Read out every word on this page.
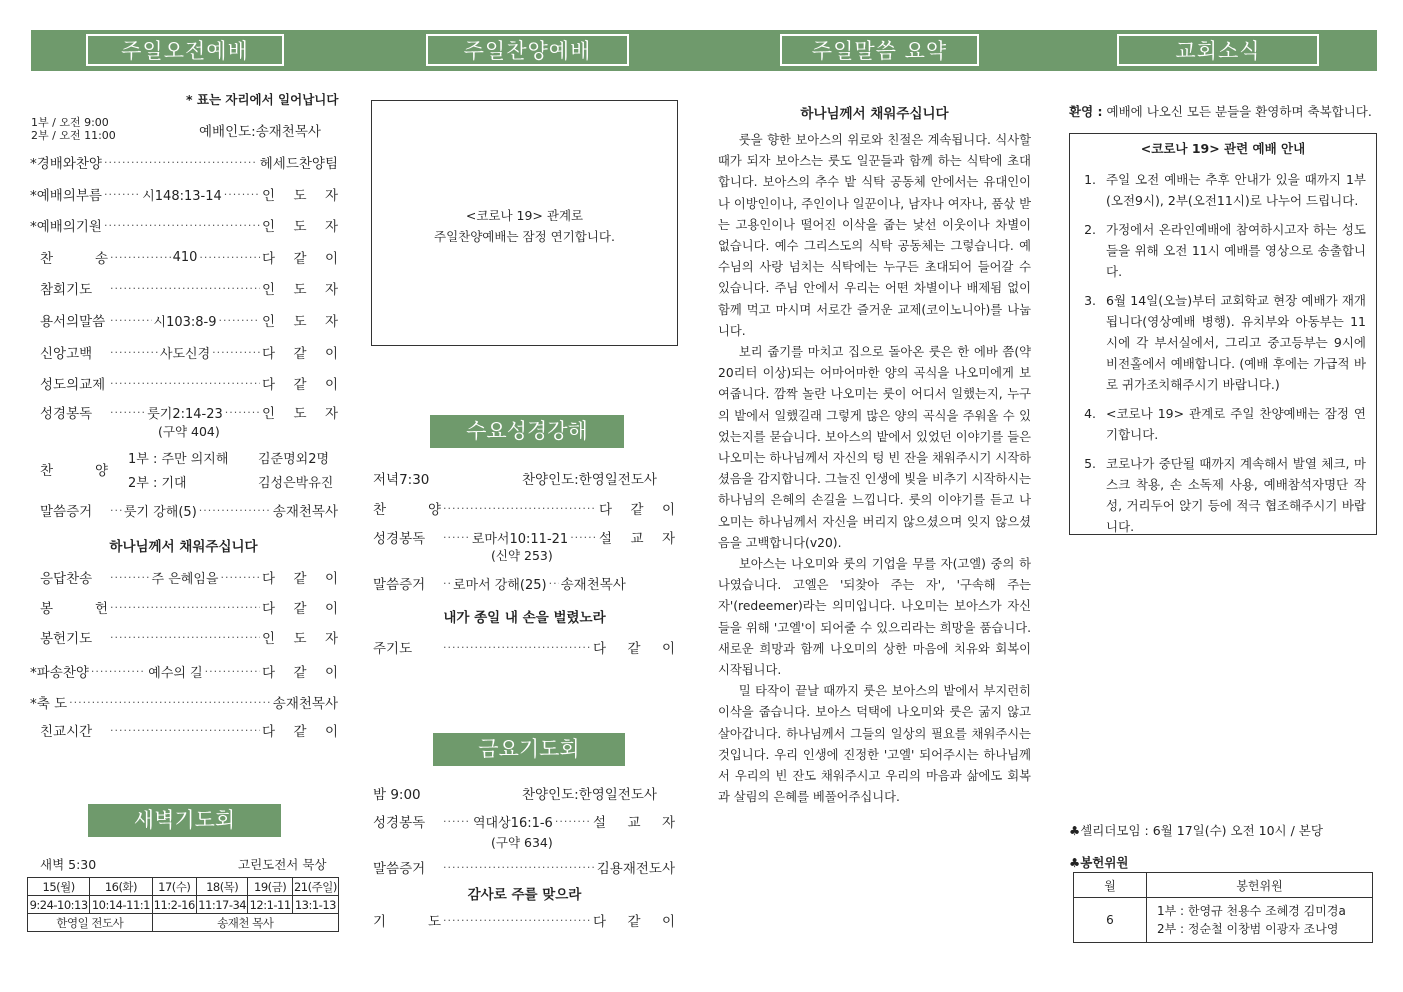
주일오전예배	주일찬양예배	주일말씀 요약	교회소식
* 표는 자리에서 일어납니다
1부 / 오전 9:00
2부 / 오전 11:00	예배인도:송재천목사
*경배와찬양 ·····	헤세드찬양팀
*예배의부름 ·····	시148:13-14 ·····	인 도 자
*예배의기원 ·····	인 도 자
찬 송 ·····	410 ·····	다 같 이
참회기도 ·····	인 도 자
용서의말씀 ·····	시103:8-9 ·····	인 도 자
신앙고백 ·····	사도신경 ·····	다 같 이
성도의교제 ·····	다 같 이
성경봉독 ·····	룻기2:14-23 ·····	인 도 자
(구약 404)
찬 양
1부 : 주만 의지해 김준명외2명
2부 : 기대	김성은박유진
말씀증거 ·····	룻기 강해(5) ·····	송재천목사
하나님께서 채워주십니다
응답찬송 ·····	주 은혜임을 ·····	다 같 이
봉 헌 ·····	다 같 이
봉헌기도 ·····	인 도 자
*파송찬양 ·····	예수의 길 ·····	다 같 이
*축 도 ·····	송재천목사
친교시간 ·····	다 같 이
새벽기도회
새벽 5:30	고린도전서 묵상
15(월)	16(화)	17(수)	18(목)	19(금)	21(주일)
9:24-10:13	10:14-11:1	11:2-16	11:17-34	12:1-11	13:1-13
한영일 전도사		송재천 목사			
<코로나 19> 관계로
주일찬양예배는 잠정 연기합니다.
수요성경강해
저녁7:30	찬양인도:한영일전도사
찬 양 ·····	다 같 이
성경봉독 ·····	로마서10:11-21 ····· 설 교 자
(신약 253)
말씀증거 ·····	로마서 강해(25) ····· 송재천목사
내가 종일 내 손을 벌렸노라
주기도 ·····	다 같 이
금요기도회
밤 9:00	찬양인도:한영일전도사
성경봉독 ·····	역대상16:1-6 ·····	설 교 자
(구약 634)
말씀증거 ·····	김용재전도사
감사로 주를 맞으라
기 도 ·····	다 같 이
하나님께서 채워주십니다

룻을 향한 보아스의 위로와 친절은 계속됩니다. 식사할 때가 되자 보아스는 룻도 일꾼들과 함께 하는 식탁에 초대합니다. 보아스의 추수 밭 식탁 공동체 안에서는 유대인이나 이방인이나, 주인이나 일꾼이나, 남자나 여자나, 품삯 받는 고용인이나 떨어진 이삭을 줍는 낯선 이웃이나 차별이 없습니다. 예수 그리스도의 식탁 공동체는 그렇습니다. 예수님의 사랑 넘치는 식탁에는 누구든 초대되어 들어갈 수 있습니다. 주님 안에서 우리는 어떤 차별이나 배제됨 없이 함께 먹고 마시며 서로간 즐거운 교제(코이노니아)를 나눕니다.

보리 줍기를 마치고 집으로 돌아온 룻은 한 에바 쯤(약 20리터 이상)되는 어마어마한 양의 곡식을 나오미에게 보여줍니다. 깜짝 놀란 나오미는 룻이 어디서 일했는지, 누구의 밭에서 일했길래 그렇게 많은 양의 곡식을 주워올 수 있었는지를 묻습니다. 보아스의 밭에서 있었던 이야기를 들은 나오미는 하나님께서 자신의 텅 빈 잔을 채워주시기 시작하셨음을 감지합니다. 그늘진 인생에 빛을 비추기 시작하시는 하나님의 은혜의 손길을 느낍니다. 룻의 이야기를 듣고 나오미는 하나님께서 자신을 버리지 않으셨으며 잊지 않으셨음을 고백합니다(v20).

보아스는 나오미와 룻의 기업을 무를 자(고엘) 중의 하나였습니다. 고엘은 '되찾아 주는 자', '구속해 주는 자'(redeemer)라는 의미입니다. 나오미는 보아스가 자신들을 위해 '고엘'이 되어줄 수 있으리라는 희망을 품습니다. 새로운 희망과 함께 나오미의 상한 마음에 치유와 회복이 시작됩니다.

밀 타작이 끝날 때까지 룻은 보아스의 밭에서 부지런히 이삭을 줍습니다. 보아스 덕택에 나오미와 룻은 굶지 않고 살아갑니다. 하나님께서 그들의 일상의 필요를 채워주시는 것입니다. 우리 인생에 진정한 '고엘' 되어주시는 하나님께서 우리의 빈 잔도 채워주시고 우리의 마음과 삶에도 회복과 살림의 은혜를 베풀어주십니다.

환영 : 예배에 나오신 모든 분들을 환영하며 축복합니다.
<코로나 19> 관련 예배 안내
1. 주일 오전 예배는 추후 안내가 있을 때까지 1부(오전9시), 2부(오전11시)로 나누어 드립니다.
2. 가정에서 온라인예배에 참여하시고자 하는 성도들을 위해 오전 11시 예배를 영상으로 송출합니다.
3. 6월 14일(오늘)부터 교회학교 현장 예배가 재개됩니다(영상예배 병행). 유치부와 아동부는 11시에 각 부서실에서, 그리고 중고등부는 9시에 비전홀에서 예배합니다. (예배 후에는 가급적 바로 귀가조치해주시기 바랍니다.)
4. <코로나 19> 관계로 주일 찬양예배는 잠정 연기합니다.
5. 코로나가 중단될 때까지 계속해서 발열 체크, 마스크 착용, 손 소독제 사용, 예배참석자명단 작성, 거리두어 앉기 등에 적극 협조해주시기 바랍니다.
♣셀리더모임 : 6월 17일(수) 오전 10시 / 본당
♣봉헌위원
월	봉헌위원
6	1부 : 한영규 천용수 조혜경 김미경a
2부 : 정순철 이창범 이광자 조나영
